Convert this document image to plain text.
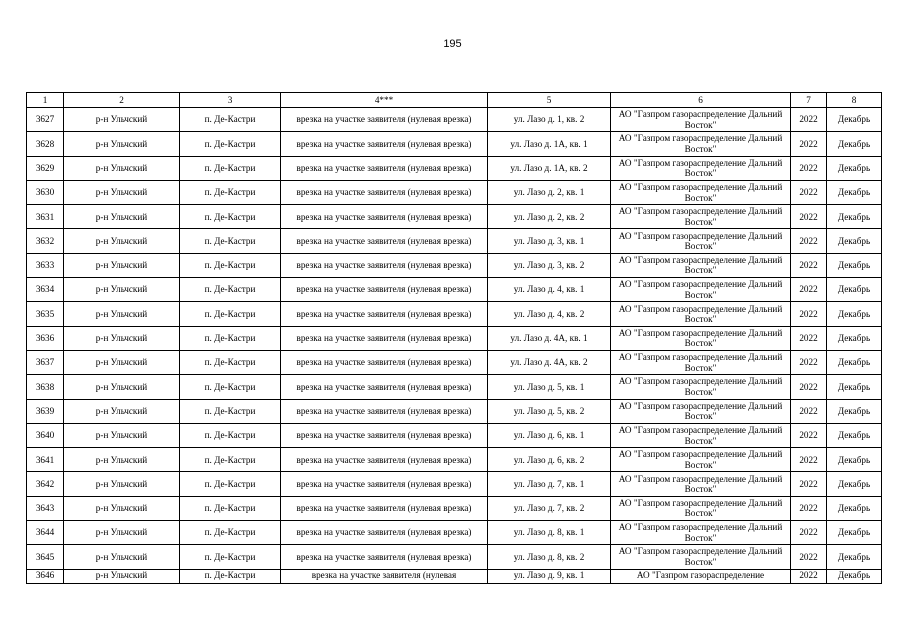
195
1	2	3	4***	5	6	7	8
3627	р-н Ульчский	п. Де-Кастри	врезка на участке заявителя (нулевая врезка)	ул. Лазо д. 1, кв. 2	АО "Газпром газораспределение Дальний Восток"	2022	Декабрь
3628	р-н Ульчский	п. Де-Кастри	врезка на участке заявителя (нулевая врезка)	ул. Лазо д. 1А, кв. 1	АО "Газпром газораспределение Дальний Восток"	2022	Декабрь
3629	р-н Ульчский	п. Де-Кастри	врезка на участке заявителя (нулевая врезка)	ул. Лазо д. 1А, кв. 2	АО "Газпром газораспределение Дальний Восток"	2022	Декабрь
3630	р-н Ульчский	п. Де-Кастри	врезка на участке заявителя (нулевая врезка)	ул. Лазо д. 2, кв. 1	АО "Газпром газораспределение Дальний Восток"	2022	Декабрь
3631	р-н Ульчский	п. Де-Кастри	врезка на участке заявителя (нулевая врезка)	ул. Лазо д. 2, кв. 2	АО "Газпром газораспределение Дальний Восток"	2022	Декабрь
3632	р-н Ульчский	п. Де-Кастри	врезка на участке заявителя (нулевая врезка)	ул. Лазо д. 3, кв. 1	АО "Газпром газораспределение Дальний Восток"	2022	Декабрь
3633	р-н Ульчский	п. Де-Кастри	врезка на участке заявителя (нулевая врезка)	ул. Лазо д. 3, кв. 2	АО "Газпром газораспределение Дальний Восток"	2022	Декабрь
3634	р-н Ульчский	п. Де-Кастри	врезка на участке заявителя (нулевая врезка)	ул. Лазо д. 4, кв. 1	АО "Газпром газораспределение Дальний Восток"	2022	Декабрь
3635	р-н Ульчский	п. Де-Кастри	врезка на участке заявителя (нулевая врезка)	ул. Лазо д. 4, кв. 2	АО "Газпром газораспределение Дальний Восток"	2022	Декабрь
3636	р-н Ульчский	п. Де-Кастри	врезка на участке заявителя (нулевая врезка)	ул. Лазо д. 4А, кв. 1	АО "Газпром газораспределение Дальний Восток"	2022	Декабрь
3637	р-н Ульчский	п. Де-Кастри	врезка на участке заявителя (нулевая врезка)	ул. Лазо д. 4А, кв. 2	АО "Газпром газораспределение Дальний Восток"	2022	Декабрь
3638	р-н Ульчский	п. Де-Кастри	врезка на участке заявителя (нулевая врезка)	ул. Лазо д. 5, кв. 1	АО "Газпром газораспределение Дальний Восток"	2022	Декабрь
3639	р-н Ульчский	п. Де-Кастри	врезка на участке заявителя (нулевая врезка)	ул. Лазо д. 5, кв. 2	АО "Газпром газораспределение Дальний Восток"	2022	Декабрь
3640	р-н Ульчский	п. Де-Кастри	врезка на участке заявителя (нулевая врезка)	ул. Лазо д. 6, кв. 1	АО "Газпром газораспределение Дальний Восток"	2022	Декабрь
3641	р-н Ульчский	п. Де-Кастри	врезка на участке заявителя (нулевая врезка)	ул. Лазо д. 6, кв. 2	АО "Газпром газораспределение Дальний Восток"	2022	Декабрь
3642	р-н Ульчский	п. Де-Кастри	врезка на участке заявителя (нулевая врезка)	ул. Лазо д. 7, кв. 1	АО "Газпром газораспределение Дальний Восток"	2022	Декабрь
3643	р-н Ульчский	п. Де-Кастри	врезка на участке заявителя (нулевая врезка)	ул. Лазо д. 7, кв. 2	АО "Газпром газораспределение Дальний Восток"	2022	Декабрь
3644	р-н Ульчский	п. Де-Кастри	врезка на участке заявителя (нулевая врезка)	ул. Лазо д. 8, кв. 1	АО "Газпром газораспределение Дальний Восток"	2022	Декабрь
3645	р-н Ульчский	п. Де-Кастри	врезка на участке заявителя (нулевая врезка)	ул. Лазо д. 8, кв. 2	АО "Газпром газораспределение Дальний Восток"	2022	Декабрь
3646	р-н Ульчский	п. Де-Кастри	врезка на участке заявителя (нулевая	ул. Лазо д. 9, кв. 1	АО "Газпром газораспределение	2022	Декабрь
